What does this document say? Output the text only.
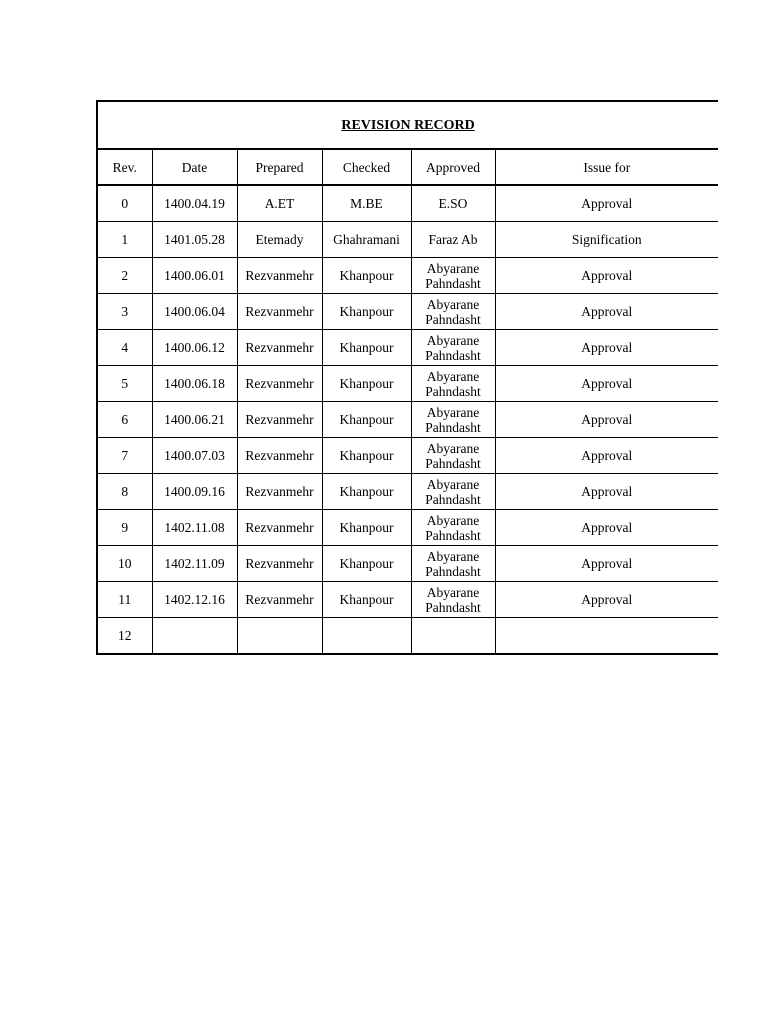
REVISION RECORD					
Rev.	Date	Prepared	Checked	Approved	Issue for
0	1400.04.19	A.ET	M.BE	E.SO	Approval
1	1401.05.28	Etemady	Ghahramani	Faraz Ab	Signification
2	1400.06.01	Rezvanmehr	Khanpour	Abyarane
Pahndasht	Approval
3	1400.06.04	Rezvanmehr	Khanpour	Abyarane
Pahndasht	Approval
4	1400.06.12	Rezvanmehr	Khanpour	Abyarane
Pahndasht	Approval
5	1400.06.18	Rezvanmehr	Khanpour	Abyarane
Pahndasht	Approval
6	1400.06.21	Rezvanmehr	Khanpour	Abyarane
Pahndasht	Approval
7	1400.07.03	Rezvanmehr	Khanpour	Abyarane
Pahndasht	Approval
8	1400.09.16	Rezvanmehr	Khanpour	Abyarane
Pahndasht	Approval
9	1402.11.08	Rezvanmehr	Khanpour	Abyarane
Pahndasht	Approval
10	1402.11.09	Rezvanmehr	Khanpour	Abyarane
Pahndasht	Approval
11	1402.12.16	Rezvanmehr	Khanpour	Abyarane
Pahndasht	Approval
12					
